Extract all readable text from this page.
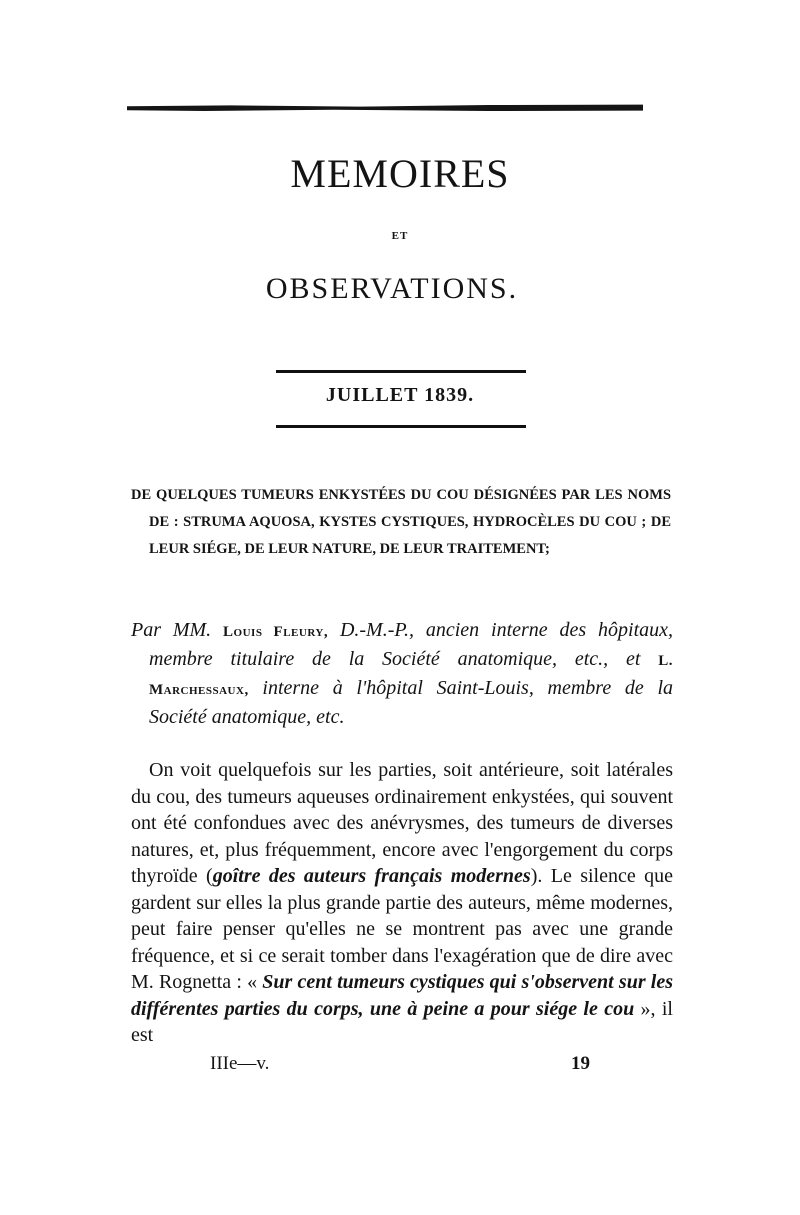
MEMOIRES
ET
OBSERVATIONS.
JUILLET 1839.
DE QUELQUES TUMEURS ENKYSTÉES DU COU DÉSIGNÉES PAR LES NOMS DE : STRUMA AQUOSA, KYSTES CYSTIQUES, HYDROCÈLES DU COU ; DE LEUR SIÉGE, DE LEUR NATURE, DE LEUR TRAITEMENT;
Par MM. Louis Fleury, D.-M.-P., ancien interne des hôpitaux, membre titulaire de la Société anatomique, etc., et L. Marchessaux, interne à l'hôpital Saint-Louis, membre de la Société anatomique, etc.

On voit quelquefois sur les parties, soit antérieure, soit latérales du cou, des tumeurs aqueuses ordinairement enkystées, qui souvent ont été confondues avec des anévrysmes, des tumeurs de diverses natures, et, plus fréquemment, encore avec l'engorgement du corps thyroïde (goître des auteurs français modernes). Le silence que gardent sur elles la plus grande partie des auteurs, même modernes, peut faire penser qu'elles ne se montrent pas avec une grande fréquence, et si ce serait tomber dans l'exagération que de dire avec M. Rognetta : « Sur cent tumeurs cystiques qui s'observent sur les différentes parties du corps, une à peine a pour siége le cou », il est

IIIe—v.	19
